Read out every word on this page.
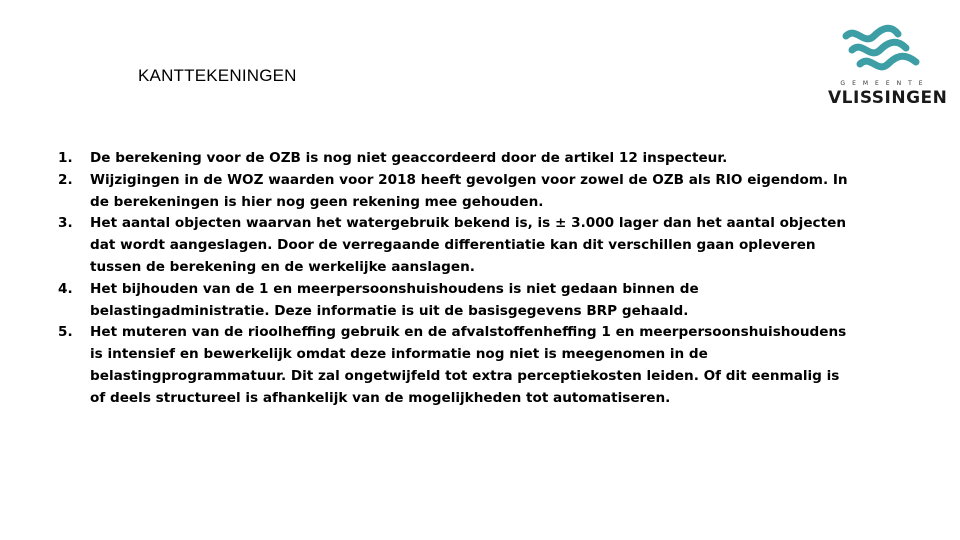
KANTTEKENINGEN	GEMEENTE
VLISSINGEN
1. De berekening voor de OZB is nog niet geaccordeerd door de artikel 12 inspecteur.
2. Wijzigingen in de WOZ waarden voor 2018 heeft gevolgen voor zowel de OZB als RIO eigendom. In de berekeningen is hier nog geen rekening mee gehouden.
3. Het aantal objecten waarvan het watergebruik bekend is, is ± 3.000 lager dan het aantal objecten dat wordt aangeslagen. Door de verregaande differentiatie kan dit verschillen gaan opleveren tussen de berekening en de werkelijke aanslagen.
4. Het bijhouden van de 1 en meerpersoonshuishoudens is niet gedaan binnen de belastingadministratie. Deze informatie is uit de basisgegevens BRP gehaald.
5. Het muteren van de rioolheffing gebruik en de afvalstoffenheffing 1 en meerpersoonshuishoudens is intensief en bewerkelijk omdat deze informatie nog niet is meegenomen in de belastingprogrammatuur. Dit zal ongetwijfeld tot extra perceptiekosten leiden. Of dit eenmalig is of deels structureel is afhankelijk van de mogelijkheden tot automatiseren.
